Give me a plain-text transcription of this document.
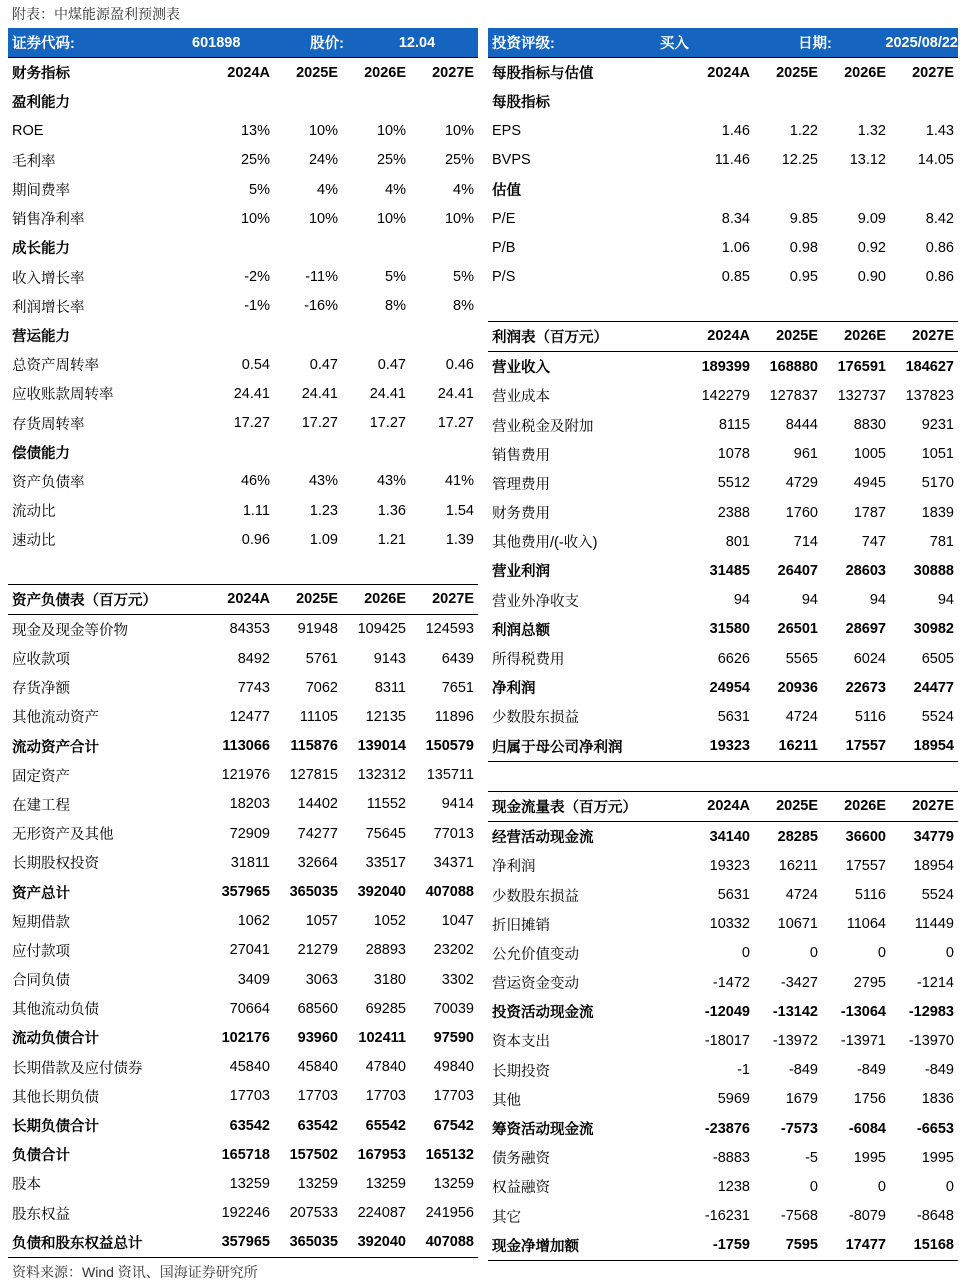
附表：中煤能源盈利预测表
证券代码:	601898	股价:	12.04
财务指标	2024A	2025E	2026E	2027E
盈利能力
ROE	13%	10%	10%	10%
毛利率	25%	24%	25%	25%
期间费率	5%	4%	4%	4%
销售净利率	10%	10%	10%	10%
成长能力
收入增长率	-2%	-11%	5%	5%
利润增长率	-1%	-16%	8%	8%
营运能力
总资产周转率	0.54	0.47	0.47	0.46
应收账款周转率	24.41	24.41	24.41	24.41
存货周转率	17.27	17.27	17.27	17.27
偿债能力
资产负债率	46%	43%	43%	41%
流动比	1.11	1.23	1.36	1.54
速动比	0.96	1.09	1.21	1.39
资产负债表（百万元）	2024A	2025E	2026E	2027E
现金及现金等价物	84353	91948	109425	124593
应收款项	8492	5761	9143	6439
存货净额	7743	7062	8311	7651
其他流动资产	12477	11105	12135	11896
流动资产合计	113066	115876	139014	150579
固定资产	121976	127815	132312	135711
在建工程	18203	14402	11552	9414
无形资产及其他	72909	74277	75645	77013
长期股权投资	31811	32664	33517	34371
资产总计	357965	365035	392040	407088
短期借款	1062	1057	1052	1047
应付款项	27041	21279	28893	23202
合同负债	3409	3063	3180	3302
其他流动负债	70664	68560	69285	70039
流动负债合计	102176	93960	102411	97590
长期借款及应付债券	45840	45840	47840	49840
其他长期负债	17703	17703	17703	17703
长期负债合计	63542	63542	65542	67542
负债合计	165718	157502	167953	165132
股本	13259	13259	13259	13259
股东权益	192246	207533	224087	241956
负债和股东权益总计	357965	365035	392040	407088
投资评级:	买入	日期:	2025/08/22
每股指标与估值	2024A	2025E	2026E	2027E
每股指标
EPS	1.46	1.22	1.32	1.43
BVPS	11.46	12.25	13.12	14.05
估值
P/E	8.34	9.85	9.09	8.42
P/B	1.06	0.98	0.92	0.86
P/S	0.85	0.95	0.90	0.86
利润表（百万元）	2024A	2025E	2026E	2027E
营业收入	189399	168880	176591	184627
营业成本	142279	127837	132737	137823
营业税金及附加	8115	8444	8830	9231
销售费用	1078	961	1005	1051
管理费用	5512	4729	4945	5170
财务费用	2388	1760	1787	1839
其他费用/(-收入)	801	714	747	781
营业利润	31485	26407	28603	30888
营业外净收支	94	94	94	94
利润总额	31580	26501	28697	30982
所得税费用	6626	5565	6024	6505
净利润	24954	20936	22673	24477
少数股东损益	5631	4724	5116	5524
归属于母公司净利润	19323	16211	17557	18954
现金流量表（百万元）	2024A	2025E	2026E	2027E
经营活动现金流	34140	28285	36600	34779
净利润	19323	16211	17557	18954
少数股东损益	5631	4724	5116	5524
折旧摊销	10332	10671	11064	11449
公允价值变动	0	0	0	0
营运资金变动	-1472	-3427	2795	-1214
投资活动现金流	-12049	-13142	-13064	-12983
资本支出	-18017	-13972	-13971	-13970
长期投资	-1	-849	-849	-849
其他	5969	1679	1756	1836
筹资活动现金流	-23876	-7573	-6084	-6653
债务融资	-8883	-5	1995	1995
权益融资	1238	0	0	0
其它	-16231	-7568	-8079	-8648
现金净增加额	-1759	7595	17477	15168
资料来源：Wind 资讯、国海证券研究所
